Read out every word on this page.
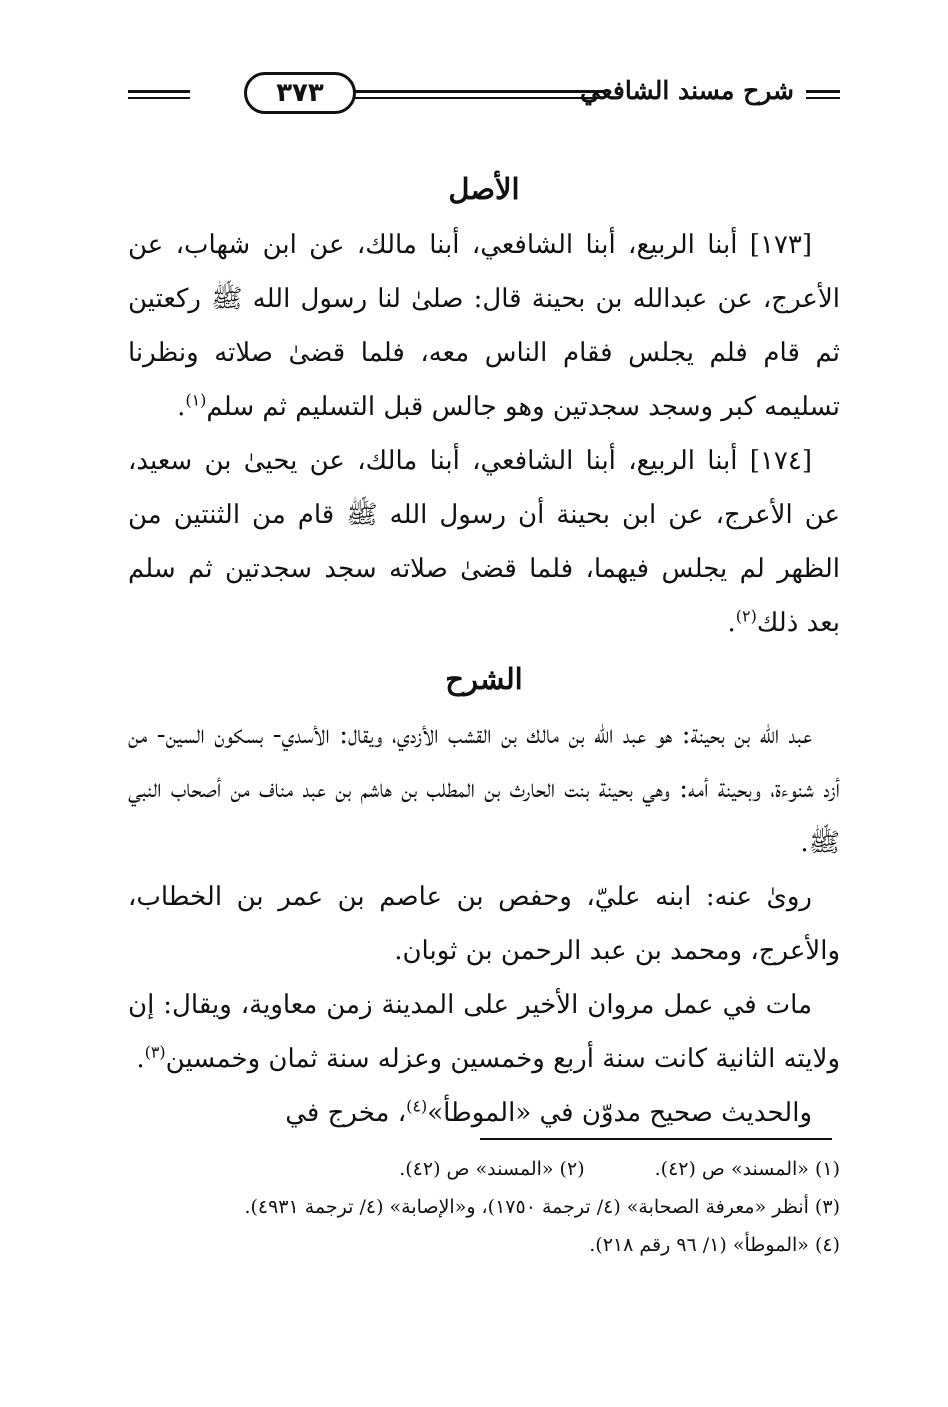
شرح مسند الشافعي
٣٧٣
الأصل

[١٧٣] أبنا الربيع، أبنا الشافعي، أبنا مالك، عن ابن شهاب، عن الأعرج، عن عبدالله بن بحينة قال: صلىٰ لنا رسول الله ﷺ ركعتين ثم قام فلم يجلس فقام الناس معه، فلما قضىٰ صلاته ونظرنا تسليمه كبر وسجد سجدتين وهو جالس قبل التسليم ثم سلم$^{(١)}$.

[١٧٤] أبنا الربيع، أبنا الشافعي، أبنا مالك، عن يحيىٰ بن سعيد، عن الأعرج، عن ابن بحينة أن رسول الله ﷺ قام من الثنتين من الظهر لم يجلس فيهما، فلما قضىٰ صلاته سجد سجدتين ثم سلم بعد ذلك$^{(٢)}$.

الشرح

عبد الله بن بحينة: هو عبد الله بن مالك بن القشب الأزدي، ويقال: الأسدي- بسكون السين- من أزد شنوءة، وبحينة أمه: وهي بحينة بنت الحارث بن المطلب بن هاشم بن عبد مناف من أصحاب النبي ﷺ.

روىٰ عنه: ابنه عليّ، وحفص بن عاصم بن عمر بن الخطاب، والأعرج، ومحمد بن عبد الرحمن بن ثوبان.

مات في عمل مروان الأخير على المدينة زمن معاوية، ويقال: إن ولايته الثانية كانت سنة أربع وخمسين وعزله سنة ثمان وخمسين$^{(٣)}$.

والحديث صحيح مدوّن في «الموطأ»$^{(٤)}$، مخرج في

(١) «المسند» ص (٤٢).
(٢) «المسند» ص (٤٢).
(٣) أنظر «معرفة الصحابة» (٤/ ترجمة ١٧٥٠)، و«الإصابة» (٤/ ترجمة ٤٩٣١).
(٤) «الموطأ» (١/ ٩٦ رقم ٢١٨).
